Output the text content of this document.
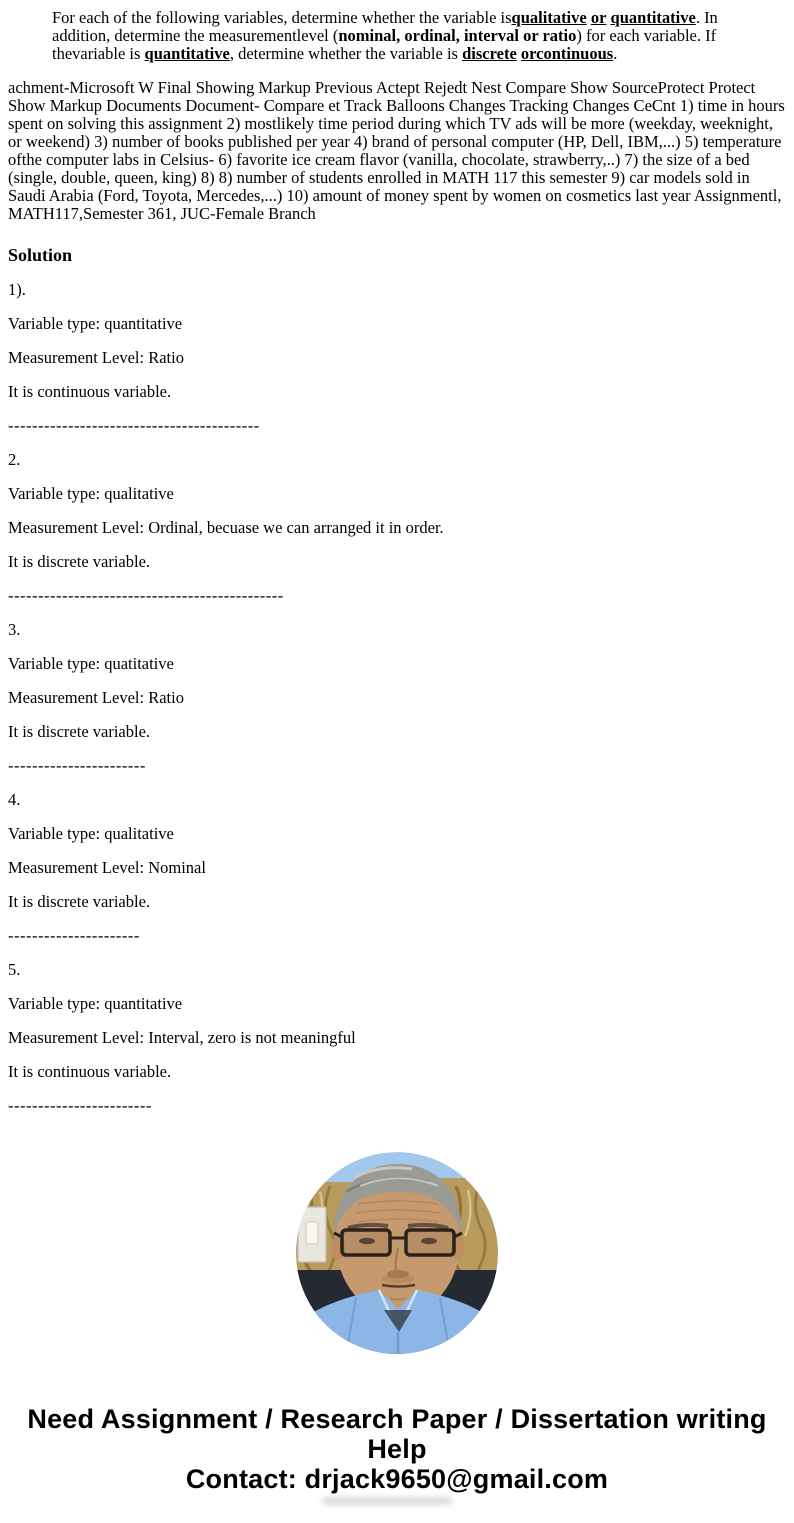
For each of the following variables, determine whether the variable isqualitative or quantitative. In addition, determine the measurementlevel (nominal, ordinal, interval or ratio) for each variable. If thevariable is quantitative, determine whether the variable is discrete orcontinuous.

achment-Microsoft W Final Showing Markup Previous Actept Rejedt Nest Compare Show SourceProtect Protect Show Markup Documents Document- Compare et Track Balloons Changes Tracking Changes CeCnt 1) time in hours spent on solving this assignment 2) mostlikely time period during which TV ads will be more (weekday, weeknight, or weekend) 3) number of books published per year 4) brand of personal computer (HP, Dell, IBM,...) 5) temperature ofthe computer labs in Celsius- 6) favorite ice cream flavor (vanilla, chocolate, strawberry,..) 7) the size of a bed (single, double, queen, king) 8) 8) number of students enrolled in MATH 117 this semester 9) car models sold in Saudi Arabia (Ford, Toyota, Mercedes,...) 10) amount of money spent by women on cosmetics last year Assignmentl, MATH117,Semester 361, JUC-Female Branch

Solution

1).

Variable type: quantitative

Measurement Level: Ratio

It is continuous variable.

------------------------------------------

2.

Variable type: qualitative

Measurement Level: Ordinal, becuase we can arranged it in order.

It is discrete variable.

----------------------------------------------

3.

Variable type: quatitative

Measurement Level: Ratio

It is discrete variable.

-----------------------

4.

Variable type: qualitative

Measurement Level: Nominal

It is discrete variable.

----------------------

5.

Variable type: quantitative

Measurement Level: Interval, zero is not meaningful

It is continuous variable.

------------------------

Need Assignment / Research Paper / Dissertation writing Help

Contact: drjack9650@gmail.com
